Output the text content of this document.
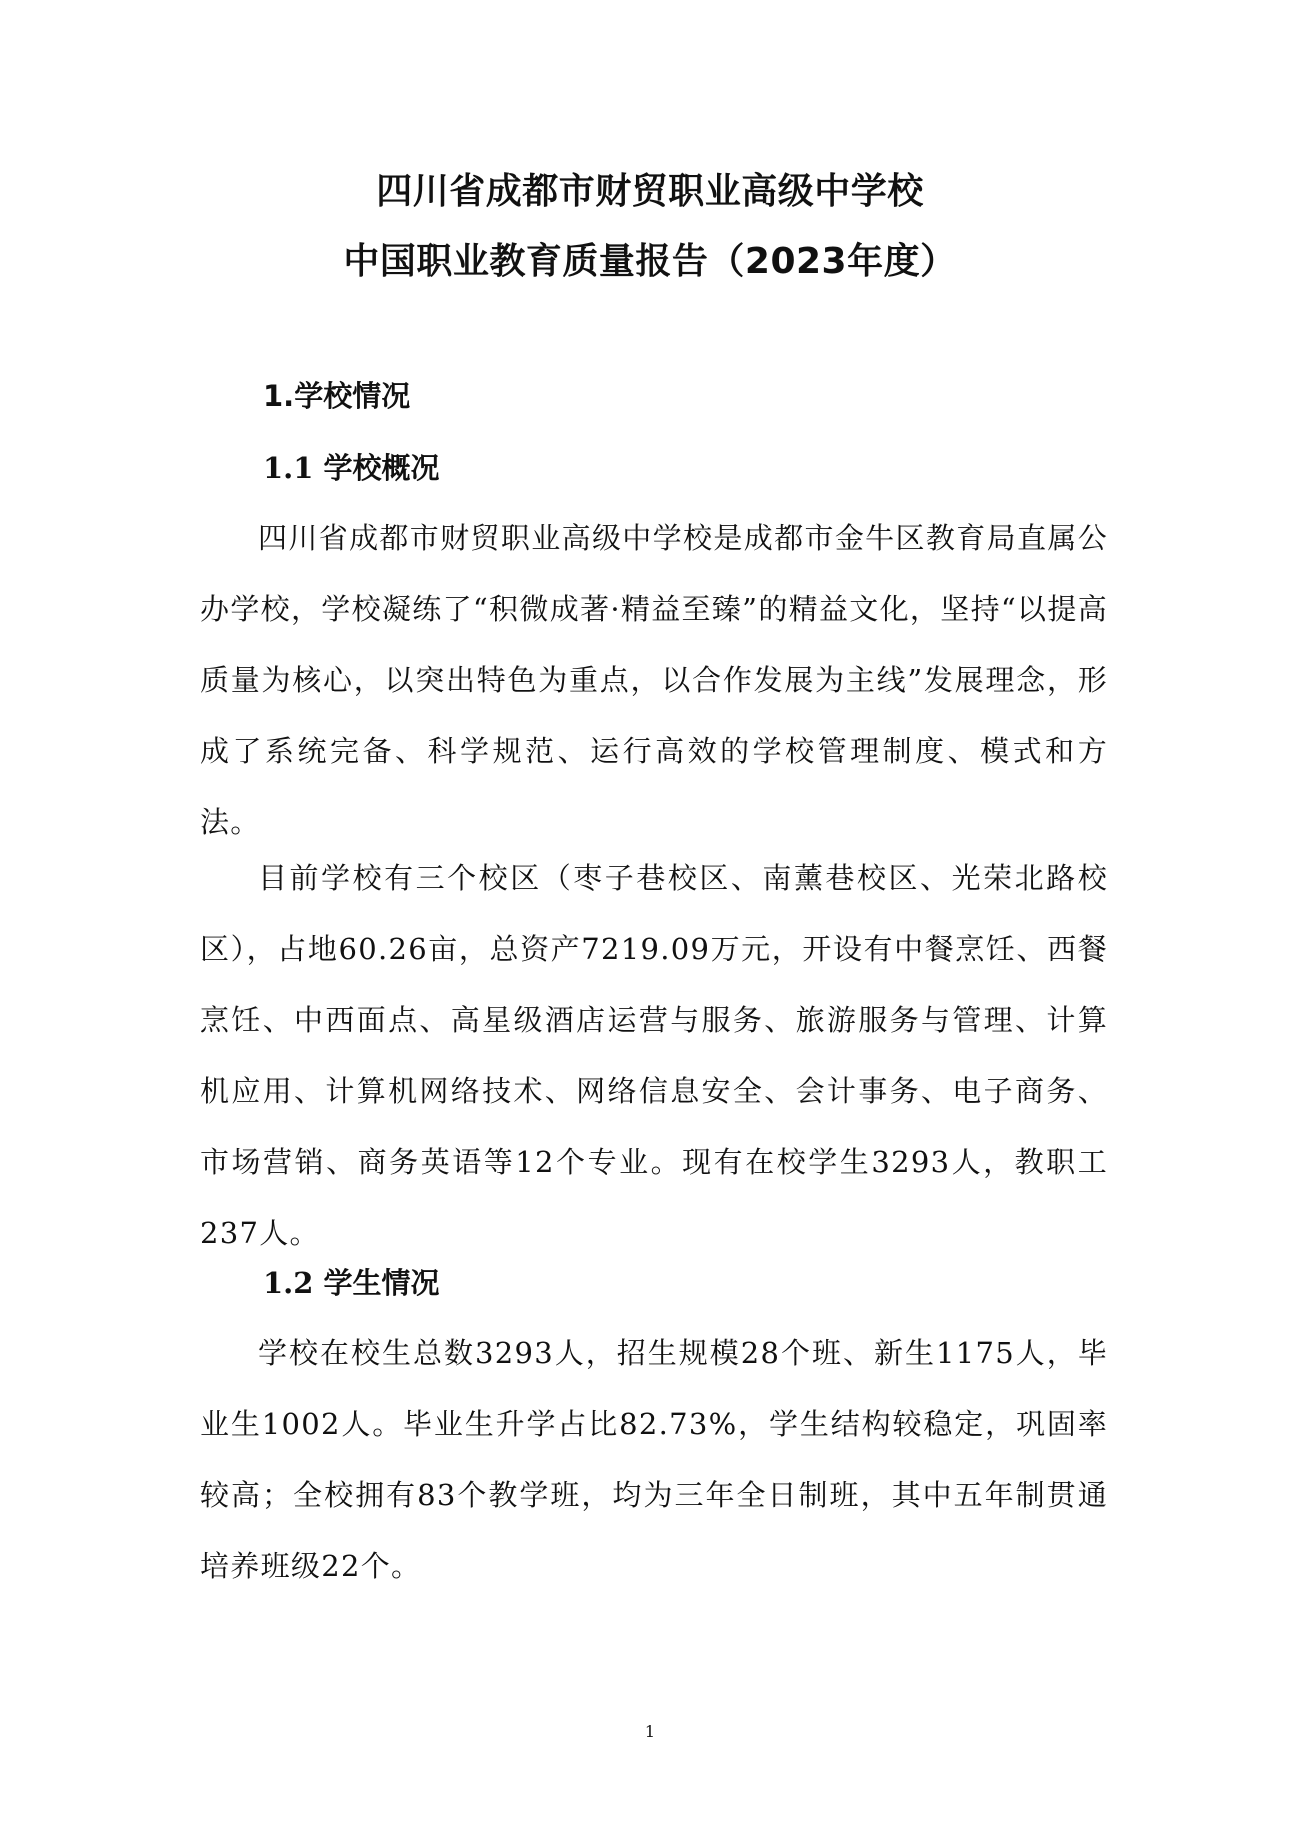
四川省成都市财贸职业高级中学校
中国职业教育质量报告（2023年度）
1.学校情况
1.1 学校概况

四川省成都市财贸职业高级中学校是成都市金牛区教育局直属公办学校，学校凝练了“积微成著·精益至臻”的精益文化，坚持“以提高质量为核心，以突出特色为重点，以合作发展为主线”发展理念，形成了系统完备、科学规范、运行高效的学校管理制度、模式和方法。

目前学校有三个校区（枣子巷校区、南薰巷校区、光荣北路校区），占地60.26亩，总资产7219.09万元，开设有中餐烹饪、西餐烹饪、中西面点、高星级酒店运营与服务、旅游服务与管理、计算机应用、计算机网络技术、网络信息安全、会计事务、电子商务、市场营销、商务英语等12个专业。现有在校学生3293人，教职工237人。

1.2 学生情况

学校在校生总数3293人，招生规模28个班、新生1175人，毕业生1002人。毕业生升学占比82.73%，学生结构较稳定，巩固率较高；全校拥有83个教学班，均为三年全日制班，其中五年制贯通培养班级22个。

1
